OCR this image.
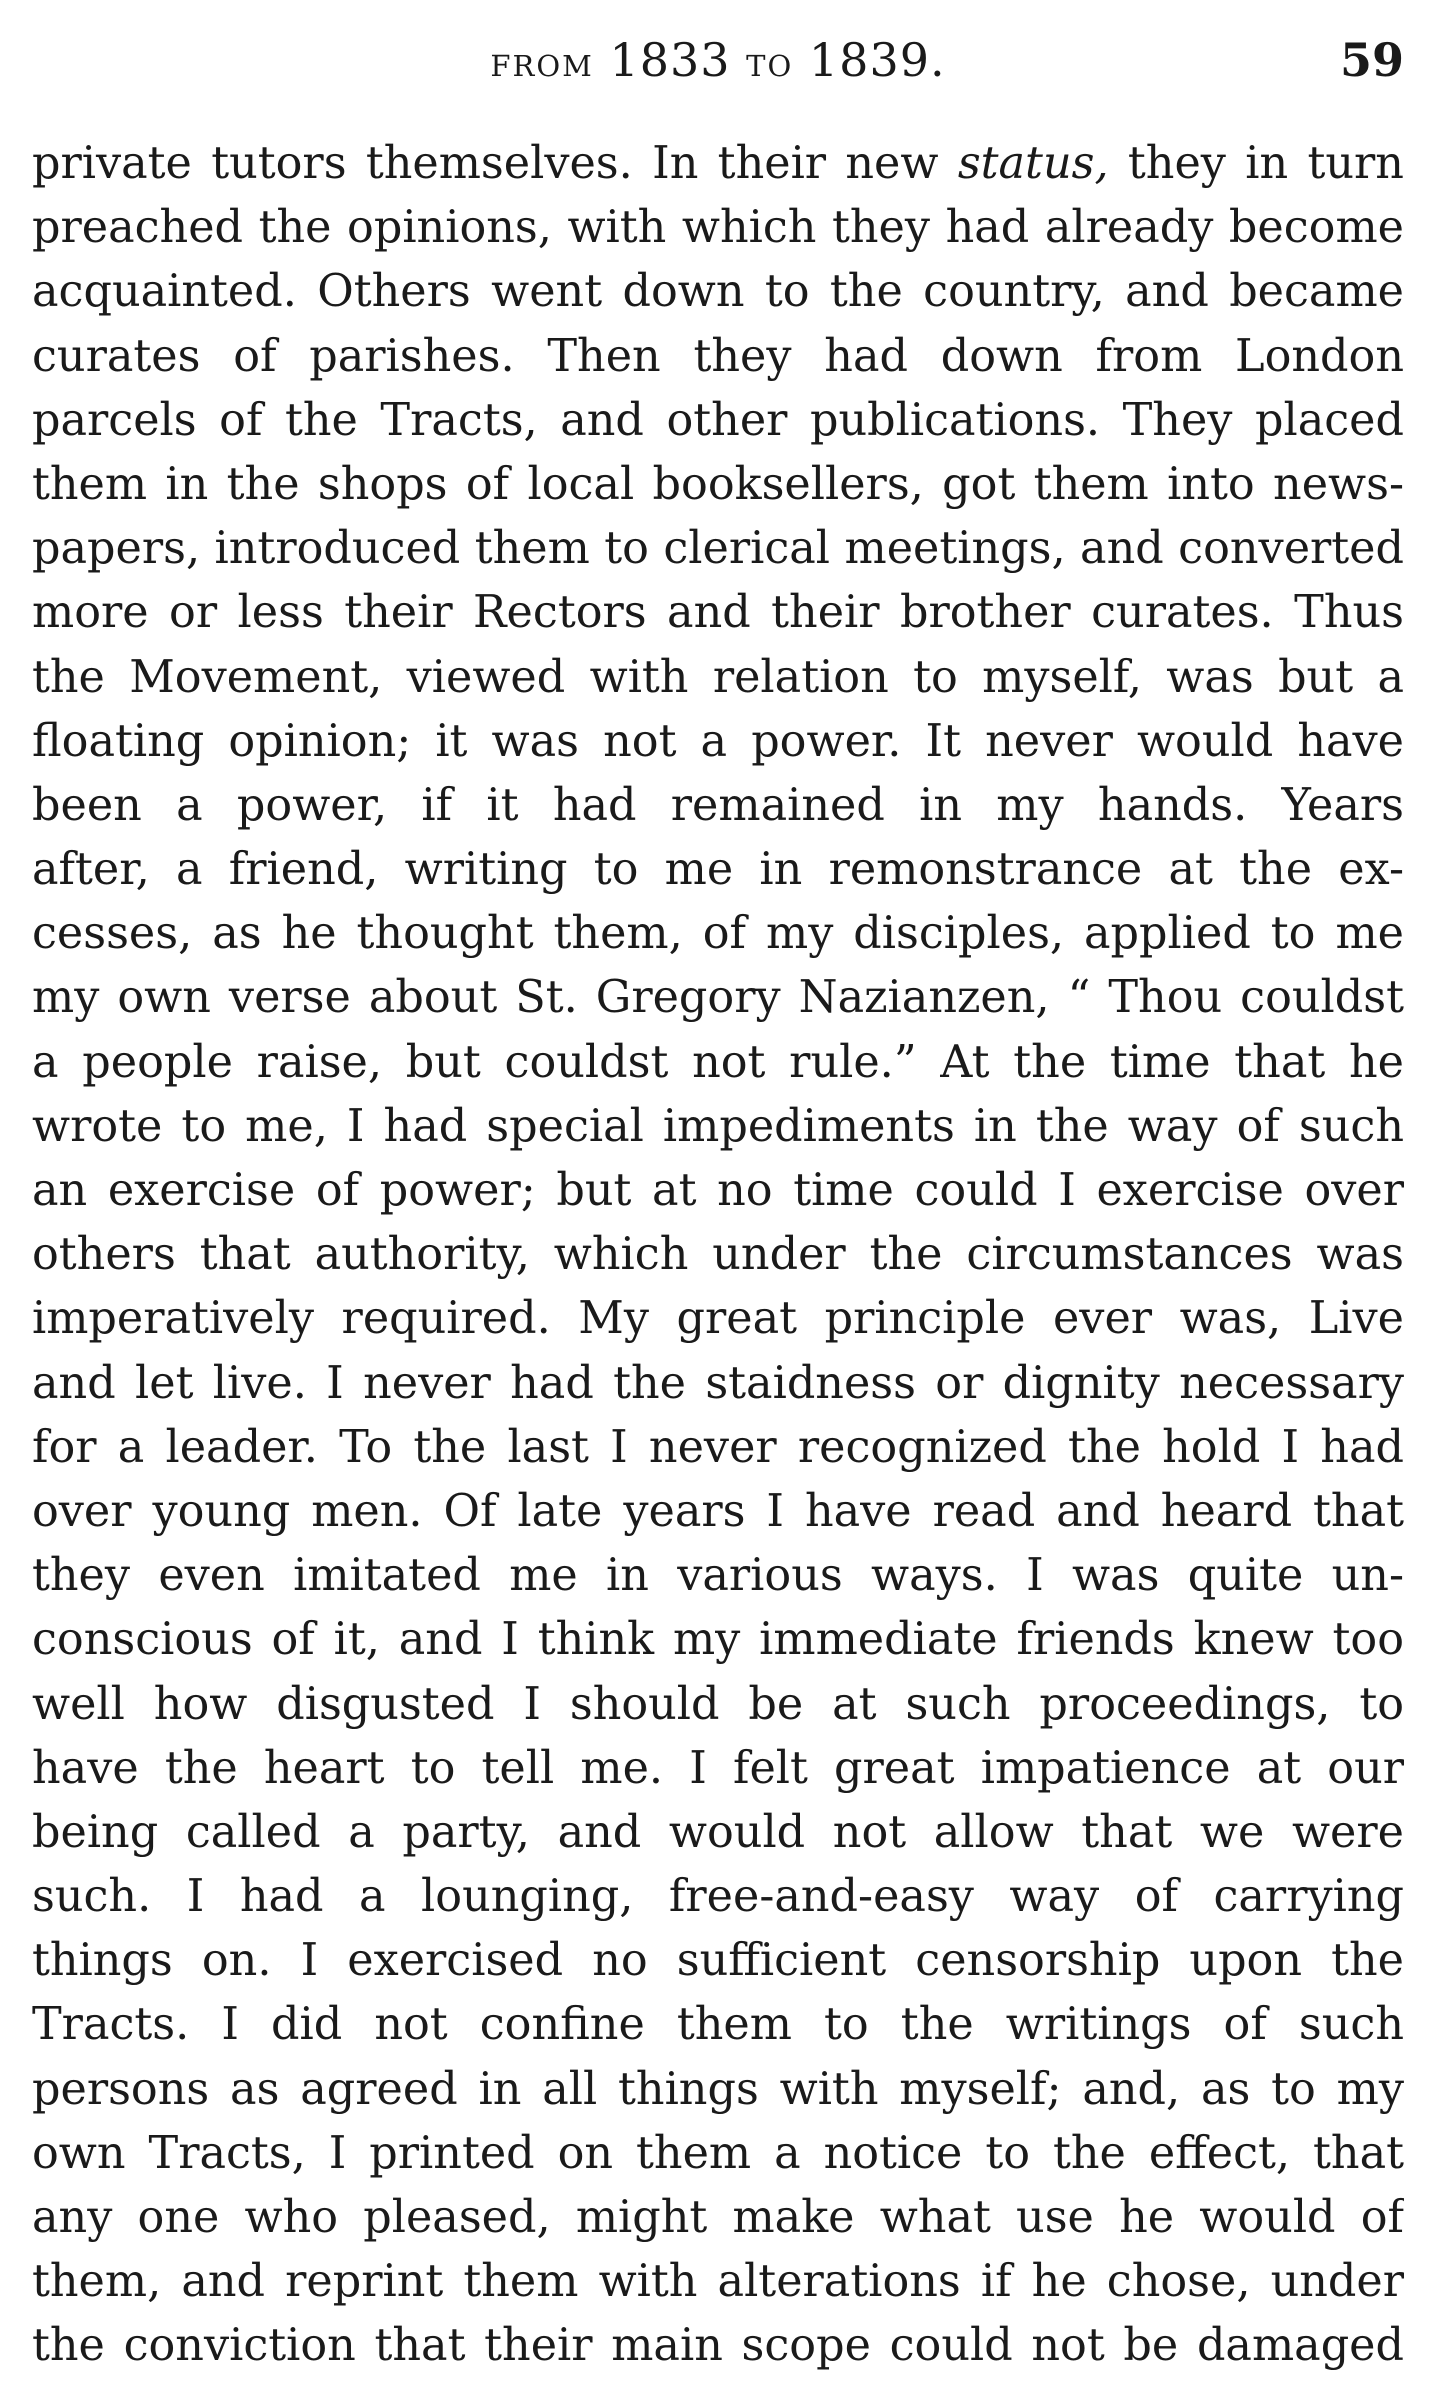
from 1833 to 1839.	59
private tutors themselves. In their new status, they in turn
preached the opinions, with which they had already become
acquainted. Others went down to the country, and became
curates of parishes. Then they had down from London
parcels of the Tracts, and other publications. They placed
them in the shops of local booksellers, got them into news-
papers, introduced them to clerical meetings, and converted
more or less their Rectors and their brother curates. Thus
the Movement, viewed with relation to myself, was but a
floating opinion; it was not a power. It never would have
been a power, if it had remained in my hands. Years
after, a friend, writing to me in remonstrance at the ex-
cesses, as he thought them, of my disciples, applied to me
my own verse about St. Gregory Nazianzen, “ Thou couldst
a people raise, but couldst not rule.” At the time that he
wrote to me, I had special impediments in the way of such
an exercise of power; but at no time could I exercise over
others that authority, which under the circumstances was
imperatively required. My great principle ever was, Live
and let live. I never had the staidness or dignity necessary
for a leader. To the last I never recognized the hold I had
over young men. Of late years I have read and heard that
they even imitated me in various ways. I was quite un-
conscious of it, and I think my immediate friends knew too
well how disgusted I should be at such proceedings, to
have the heart to tell me. I felt great impatience at our
being called a party, and would not allow that we were
such. I had a lounging, free-and-easy way of carrying
things on. I exercised no sufficient censorship upon the
Tracts. I did not confine them to the writings of such
persons as agreed in all things with myself; and, as to my
own Tracts, I printed on them a notice to the effect, that
any one who pleased, might make what use he would of
them, and reprint them with alterations if he chose, under
the conviction that their main scope could not be damaged
